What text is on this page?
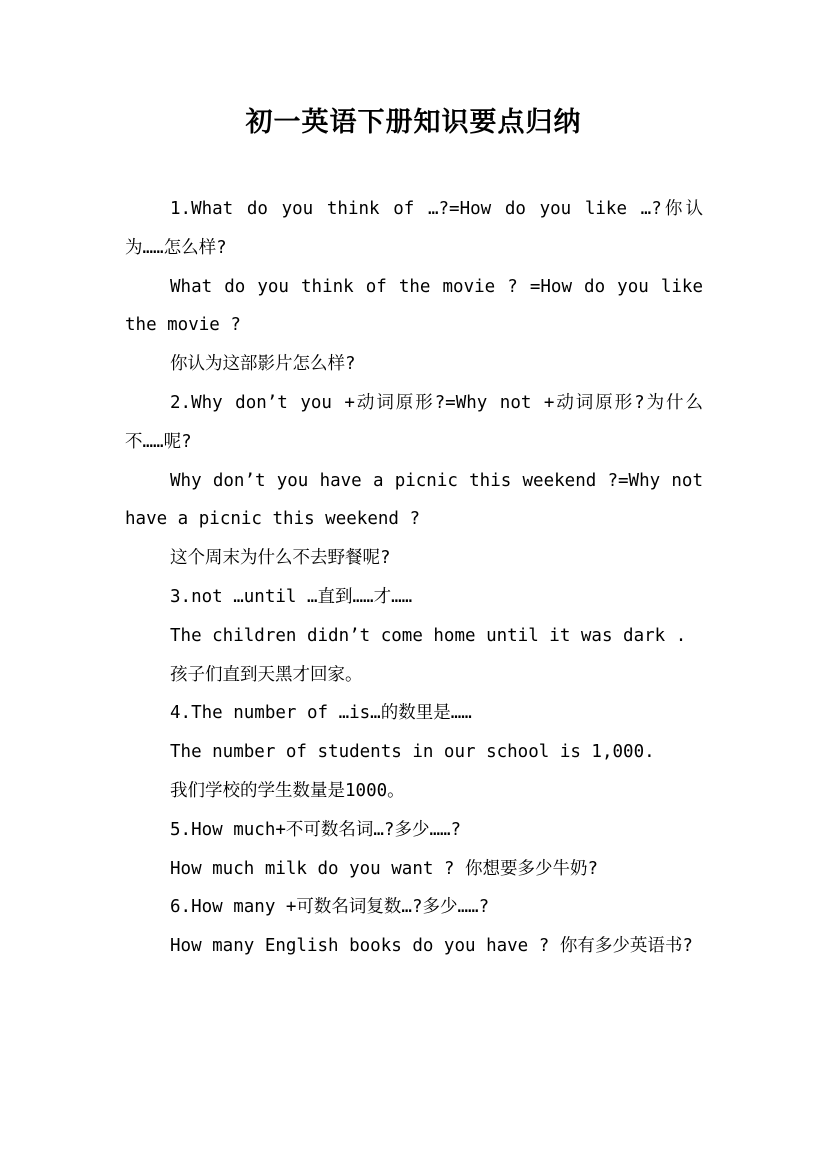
初一英语下册知识要点归纳

1.What do you think of …?=How do you like …?你认为……怎么样?

What do you think of the movie ? =How do you like the movie ?

你认为这部影片怎么样?

2.Why don’t you +动词原形?=Why not +动词原形?为什么不……呢?

Why don’t you have a picnic this weekend ?=Why not have a picnic this weekend ?

这个周末为什么不去野餐呢?

3.not …until …直到……才……

The children didn’t come home until it was dark .

孩子们直到天黑才回家。

4.The number of …is…的数里是……

The number of students in our school is 1,000.

我们学校的学生数量是1000。

5.How much+不可数名词…?多少……?

How much milk do you want ? 你想要多少牛奶?

6.How many +可数名词复数…?多少……?

How many English books do you have ? 你有多少英语书?
